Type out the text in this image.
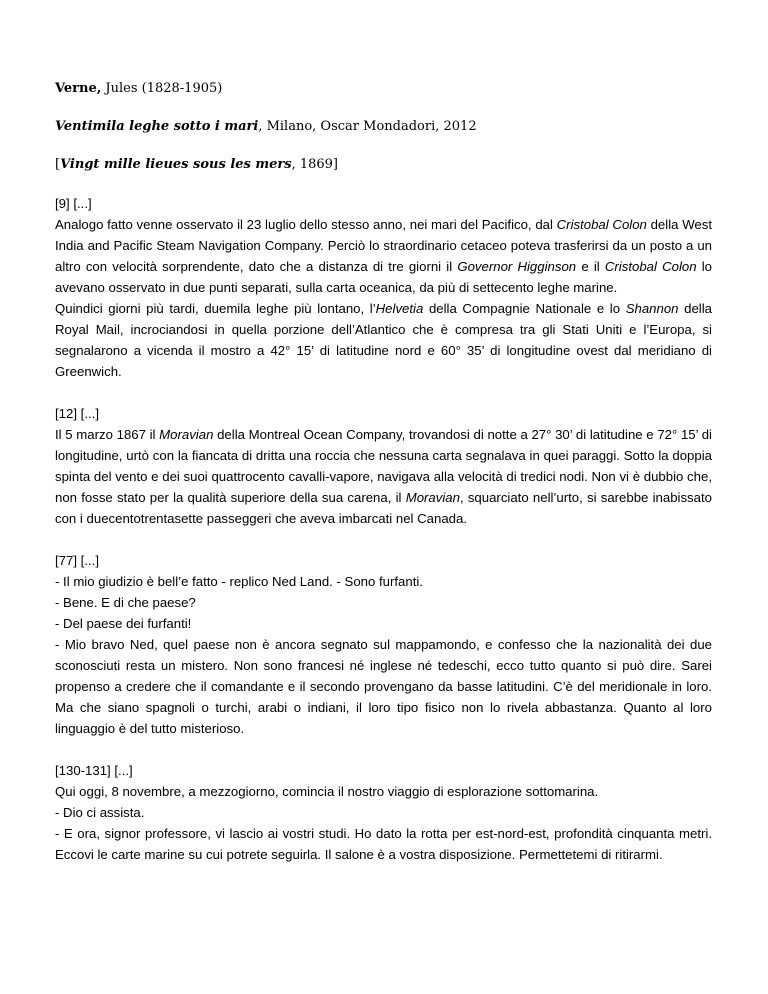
Verne, Jules (1828-1905)
Ventimila leghe sotto i mari, Milano, Oscar Mondadori, 2012
[Vingt mille lieues sous les mers, 1869]
[9] [...]

Analogo fatto venne osservato il 23 luglio dello stesso anno, nei mari del Pacifico, dal Cristobal Colon della West India and Pacific Steam Navigation Company. Perciò lo straordinario cetaceo poteva trasferirsi da un posto a un altro con velocità sorprendente, dato che a distanza di tre giorni il Governor Higginson e il Cristobal Colon lo avevano osservato in due punti separati, sulla carta oceanica, da più di settecento leghe marine.

Quindici giorni più tardi, duemila leghe più lontano, l’Helvetia della Compagnie Nationale e lo Shannon della Royal Mail, incrociandosi in quella porzione dell’Atlantico che è compresa tra gli Stati Uniti e l’Europa, si segnalarono a vicenda il mostro a 42° 15’ di latitudine nord e 60° 35’ di longitudine ovest dal meridiano di Greenwich.

[12] [...]

Il 5 marzo 1867 il Moravian della Montreal Ocean Company, trovandosi di notte a 27° 30’ di latitudine e 72° 15’ di longitudine, urtò con la fiancata di dritta una roccia che nessuna carta segnalava in quei paraggi. Sotto la doppia spinta del vento e dei suoi quattrocento cavalli-vapore, navigava alla velocità di tredici nodi. Non vi è dubbio che, non fosse stato per la qualità superiore della sua carena, il Moravian, squarciato nell’urto, si sarebbe inabissato con i duecentotrentasette passeggeri che aveva imbarcati nel Canada.

[77] [...]

- Il mio giudizio è bell’e fatto - replico Ned Land. - Sono furfanti.

- Bene. E di che paese?

- Del paese dei furfanti!

- Mio bravo Ned, quel paese non è ancora segnato sul mappamondo, e confesso che la nazionalità dei due sconosciuti resta un mistero. Non sono francesi né inglese né tedeschi, ecco tutto quanto si può dire. Sarei propenso a credere che il comandante e il secondo provengano da basse latitudini. C’è del meridionale in loro. Ma che siano spagnoli o turchi, arabi o indiani, il loro tipo fisico non lo rivela abbastanza. Quanto al loro linguaggio è del tutto misterioso.

[130-131] [...]

Qui oggi, 8 novembre, a mezzogiorno, comincia il nostro viaggio di esplorazione sottomarina.

- Dio ci assista.

- E ora, signor professore, vi lascio ai vostri studi. Ho dato la rotta per est-nord-est, profondità cinquanta metri. Eccovi le carte marine su cui potrete seguirla. Il salone è a vostra disposizione. Permettetemi di ritirarmi.
